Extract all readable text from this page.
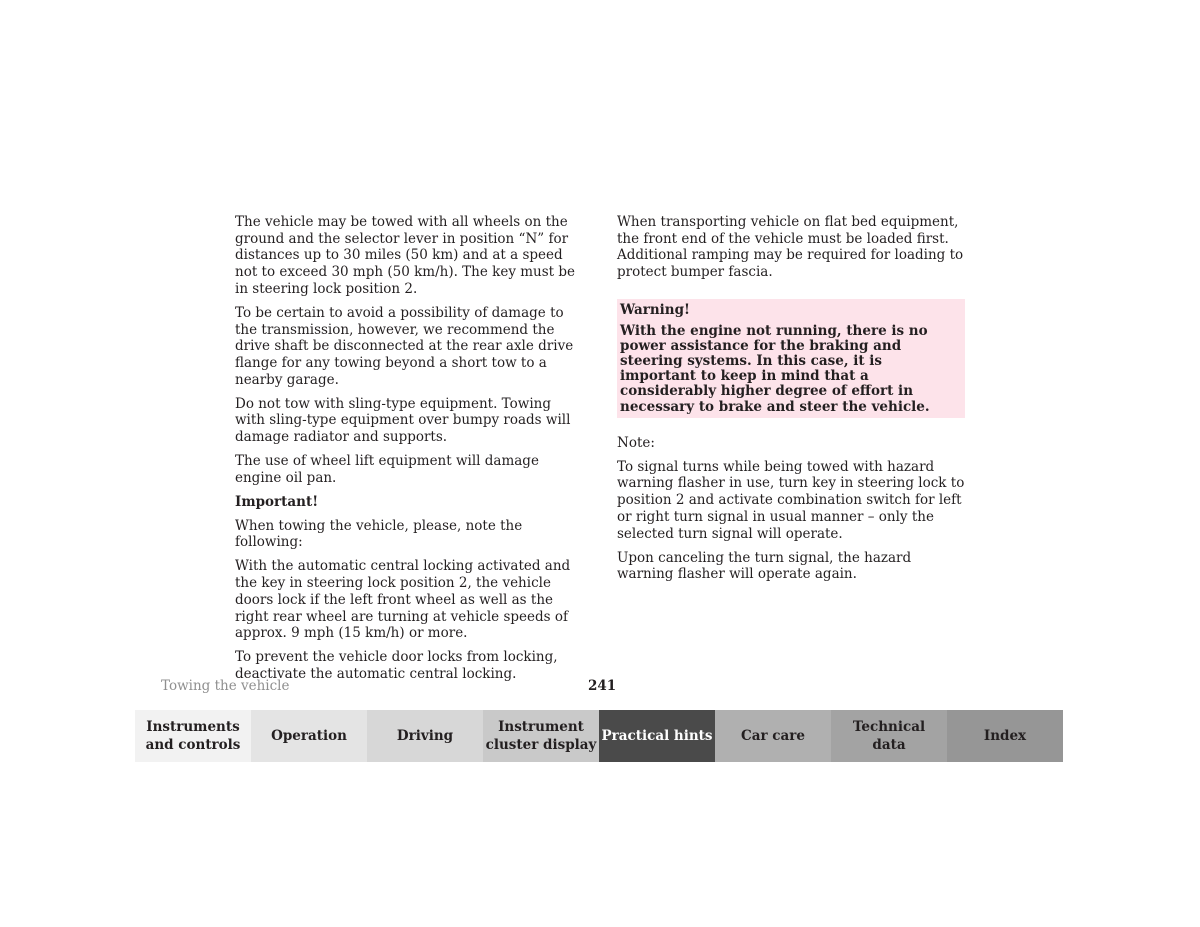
The vehicle may be towed with all wheels on the ground and the selector lever in position “N” for distances up to 30 miles (50 km) and at a speed not to exceed 30 mph (50 km/h). The key must be in steering lock position 2.

To be certain to avoid a possibility of damage to the transmission, however, we recommend the drive shaft be disconnected at the rear axle drive flange for any towing beyond a short tow to a nearby garage.

Do not tow with sling-type equipment. Towing with sling-type equipment over bumpy roads will damage radiator and supports.

The use of wheel lift equipment will damage engine oil pan.

Important!

When towing the vehicle, please, note the following:

With the automatic central locking activated and the key in steering lock position 2, the vehicle doors lock if the left front wheel as well as the right rear wheel are turning at vehicle speeds of approx. 9 mph (15 km/h) or more.

To prevent the vehicle door locks from locking, deactivate the automatic central locking.

When transporting vehicle on flat bed equipment, the front end of the vehicle must be loaded first. Additional ramping may be required for loading to protect bumper fascia.

Warning!

With the engine not running, there is no power assistance for the braking and steering systems. In this case, it is important to keep in mind that a considerably higher degree of effort in necessary to brake and steer the vehicle.

Note:

To signal turns while being towed with hazard warning flasher in use, turn key in steering lock to position 2 and activate combination switch for left or right turn signal in usual manner – only the selected turn signal will operate.

Upon canceling the turn signal, the hazard warning flasher will operate again.

Towing the vehicle	241
Instruments
and controls
Operation	Driving
Instrument
cluster display
Practical hints Car care
Technical
data
Index
